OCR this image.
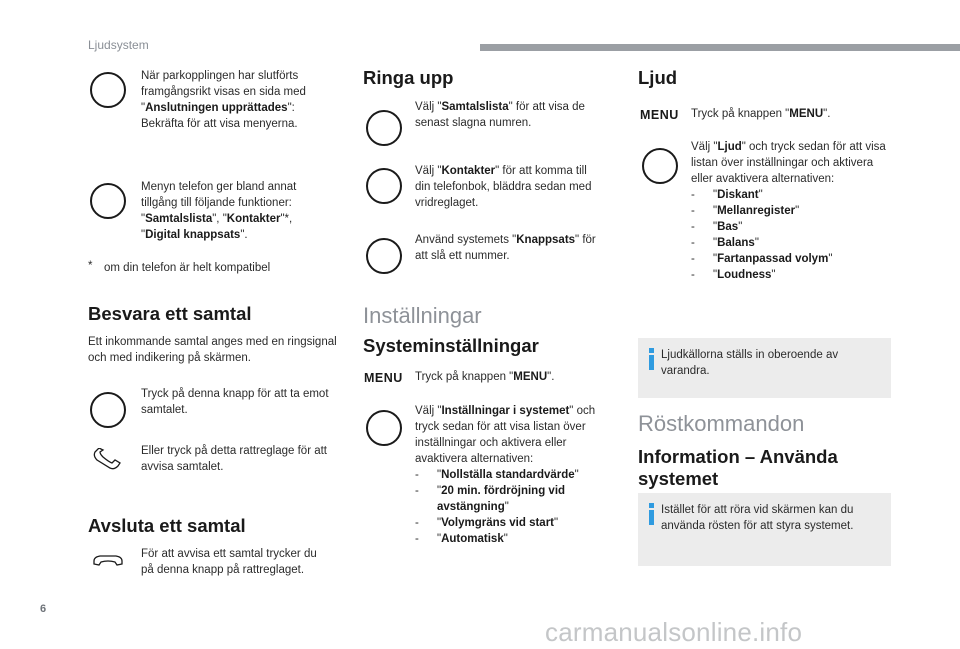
Ljudsystem
När parkopplingen har slutförts framgångsrikt visas en sida med "Anslutningen upprättades": Bekräfta för att visa menyerna.
Menyn telefon ger bland annat tillgång till följande funktioner: "Samtalslista", "Kontakter"*, "Digital knappsats".
* om din telefon är helt kompatibel
Besvara ett samtal
Ett inkommande samtal anges med en ringsignal och med indikering på skärmen.
Tryck på denna knapp för att ta emot samtalet.
Eller tryck på detta rattreglage för att avvisa samtalet.
Avsluta ett samtal
För att avvisa ett samtal trycker du på denna knapp på rattreglaget.
Ringa upp
Välj "Samtalslista" för att visa de senast slagna numren.
Välj "Kontakter" för att komma till din telefonbok, bläddra sedan med vridreglaget.
Använd systemets "Knappsats" för att slå ett nummer.
Inställningar
Systeminställningar
MENU Tryck på knappen "MENU".
Välj "Inställningar i systemet" och tryck sedan för att visa listan över inställningar och aktivera eller avaktivera alternativen:
- "Nollställa standardvärde"
- "20 min. fördröjning vid avstängning"
- "Volymgräns vid start"
- "Automatisk"
Ljud
MENU Tryck på knappen "MENU".
Välj "Ljud" och tryck sedan för att visa listan över inställningar och aktivera eller avaktivera alternativen:
- "Diskant"
- "Mellanregister"
- "Bas"
- "Balans"
- "Fartanpassad volym"
- "Loudness"
Ljudkällorna ställs in oberoende av varandra.
Röstkommandon
Information – Använda systemet
Istället för att röra vid skärmen kan du använda rösten för att styra systemet.
6
carmanualsonline.info
